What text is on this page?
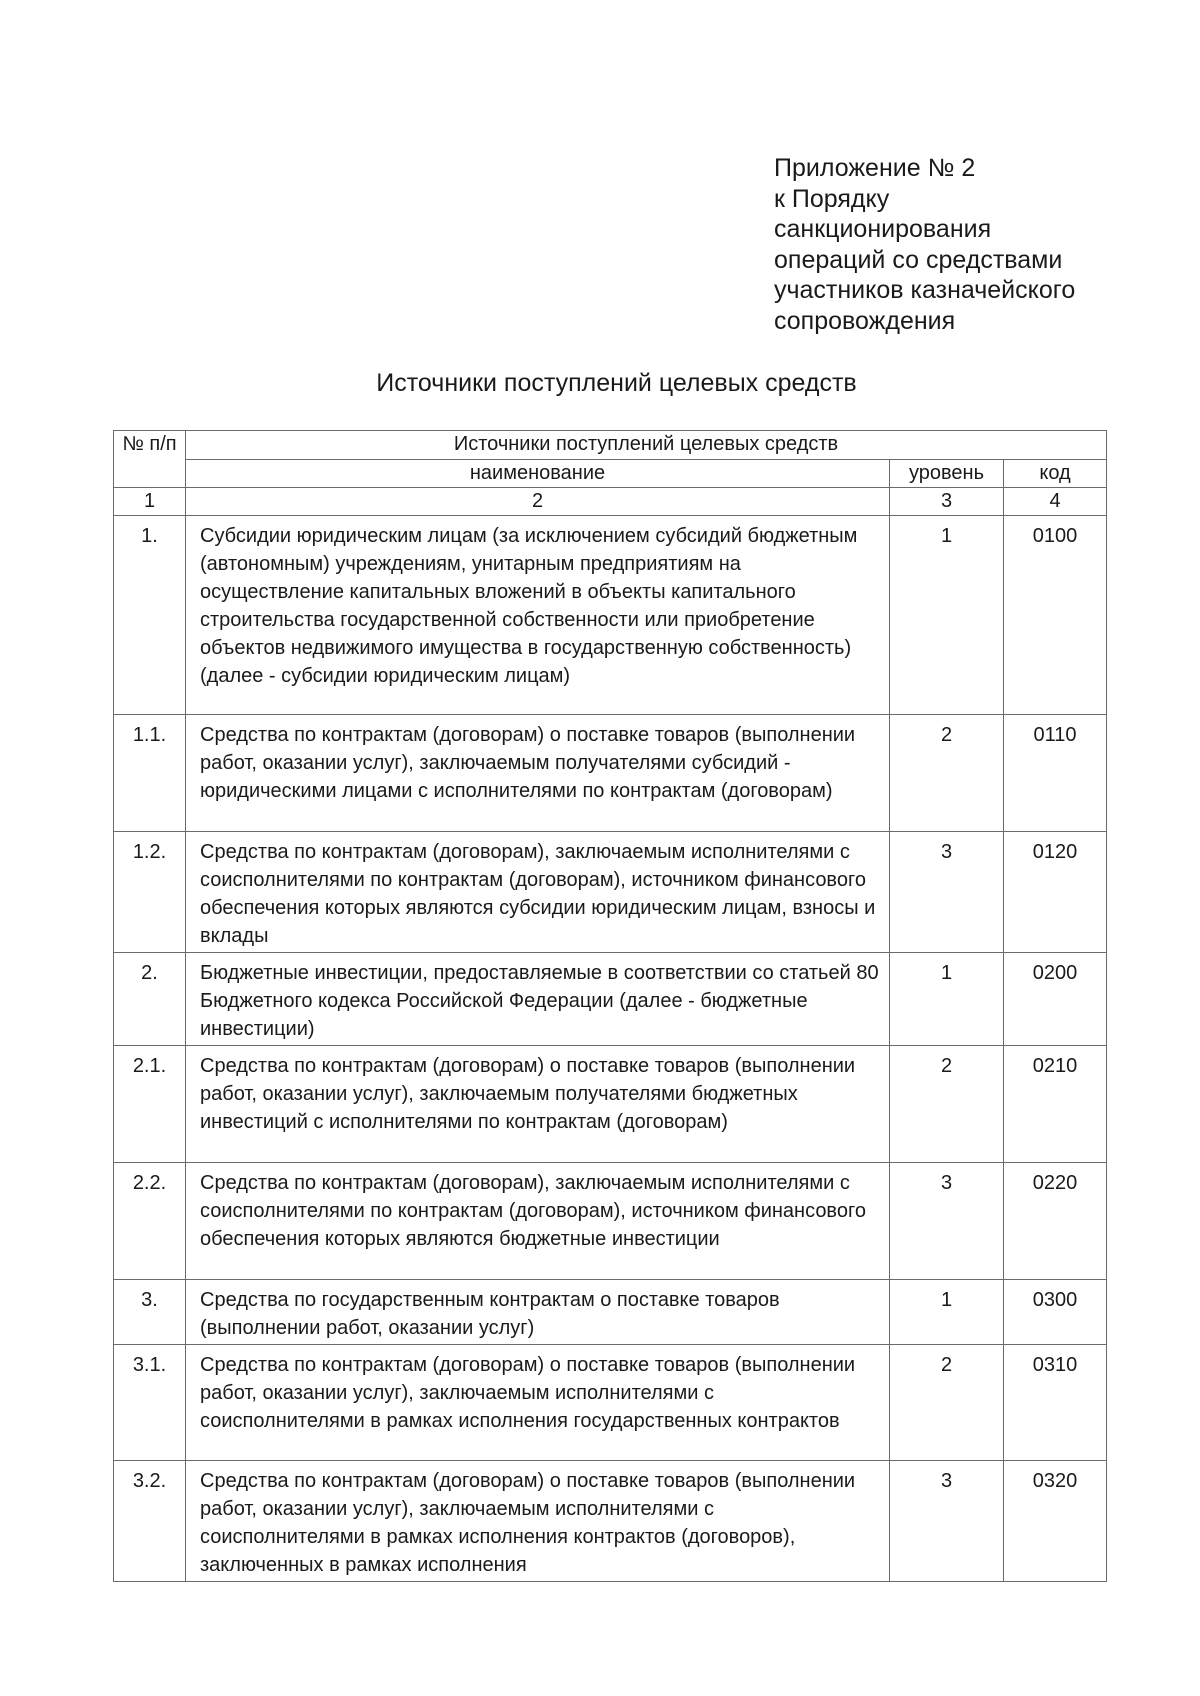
Приложение № 2
к Порядку
санкционирования
операций со средствами
участников казначейского
сопровождения
Источники поступлений целевых средств
№ п/п	Источники поступлений целевых средств		
	наименование	уровень	код
1	2	3	4
1.	Субсидии юридическим лицам (за исключением субсидий бюджетным (автономным) учреждениям, унитарным предприятиям на осуществление капитальных вложений в объекты капитального строительства государственной собственности или приобретение объектов недвижимого имущества в государственную собственность) (далее - субсидии юридическим лицам)	1	0100
1.1.	Средства по контрактам (договорам) о поставке товаров (выполнении работ, оказании услуг), заключаемым получателями субсидий - юридическими лицами с исполнителями по контрактам (договорам)	2	0110
1.2.	Средства по контрактам (договорам), заключаемым исполнителями с соисполнителями по контрактам (договорам), источником финансового обеспечения которых являются субсидии юридическим лицам, взносы и вклады	3	0120
2.	Бюджетные инвестиции, предоставляемые в соответствии со статьей 80 Бюджетного кодекса Российской Федерации (далее - бюджетные инвестиции)	1	0200
2.1.	Средства по контрактам (договорам) о поставке товаров (выполнении работ, оказании услуг), заключаемым получателями бюджетных инвестиций с исполнителями по контрактам (договорам)	2	0210
2.2.	Средства по контрактам (договорам), заключаемым исполнителями с соисполнителями по контрактам (договорам), источником финансового обеспечения которых являются бюджетные инвестиции	3	0220
3.	Средства по государственным контрактам о поставке товаров (выполнении работ, оказании услуг)	1	0300
3.1.	Средства по контрактам (договорам) о поставке товаров (выполнении работ, оказании услуг), заключаемым исполнителями с соисполнителями в рамках исполнения государственных контрактов	2	0310
3.2.	Средства по контрактам (договорам) о поставке товаров (выполнении работ, оказании услуг), заключаемым исполнителями с соисполнителями в рамках исполнения контрактов (договоров), заключенных в рамках исполнения	3	0320
